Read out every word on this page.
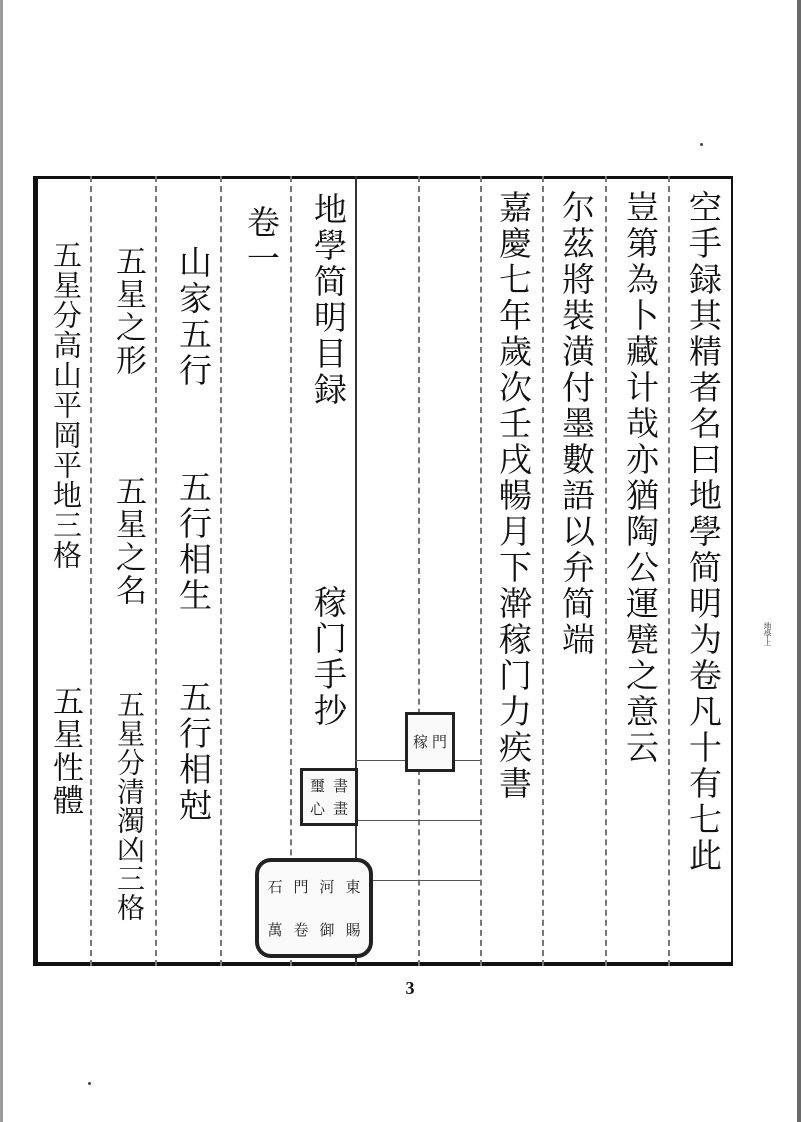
空手録其精者名曰地學简明为卷凡十有七此
豈第為卜藏计哉亦猶陶公運甓之意云
尔茲將裝潢付墨數語以弁简端
嘉慶七年歲次壬戌暢月下澣稼门力疾書
地學简明目録
稼门手抄
卷一
山家五行
五行相生
五行相尅
五星之形
五星之名
五星分清濁凶三格
五星分高山平岡平地三格
五星性體	稼 門
璽 書
心 畫
石 門 河 東
萬 卷 御 賜
3
地學上
